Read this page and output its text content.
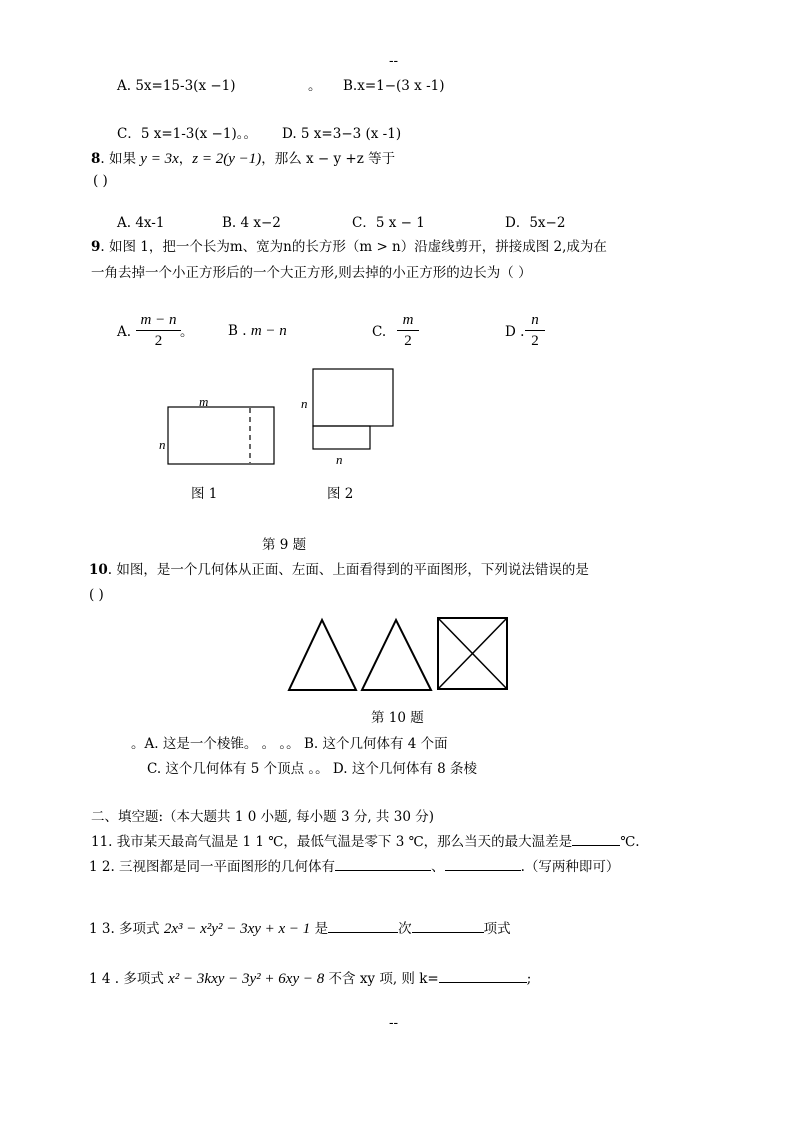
--
--
A. 5x=15-3(x −1)	。 B.x=1−(3 x -1)
C．5 x=1-3(x −1)。。 D. 5 x=3−3 (x -1)
8. 如果 y = 3x，z = 2(y −1)，那么 x − y +z 等于
( )
A. 4x-1	B. 4 x−2	C．5 x − 1	D．5x−2
9. 如图 1，把一个长为m、宽为n的长方形（m > n）沿虚线剪开，拼接成图 2,成为在
一角去掉一个小正方形后的一个大正方形,则去掉的小正方形的边长为（ ）
A.
m − n
2
。	B . m − n	C.
m
2
D .
n
2
m
n
n
n
图 1	图 2
第 9 题
10. 如图，是一个几何体从正面、左面、上面看得到的平面图形，下列说法错误的是
( )
第 10 题
。A. 这是一个棱锥。 。 。。 B. 这个几何体有 4 个面
C. 这个几何体有 5 个顶点 。。 D. 这个几何体有 8 条棱
二、填空题:（本大题共 1 0 小题, 每小题 3 分, 共 30 分)
11. 我市某天最高气温是 1 1 ℃，最低气温是零下 3 ℃，那么当天的最大温差是	℃.
1 2. 三视图都是同一平面图形的几何体有	、	.（写两种即可）
1 3. 多项式 2x³ − x²y² − 3xy + x − 1 是	次	项式
1 4 . 多项式 x² − 3kxy − 3y² + 6xy − 8 不含 xy 项, 则 k=	;
